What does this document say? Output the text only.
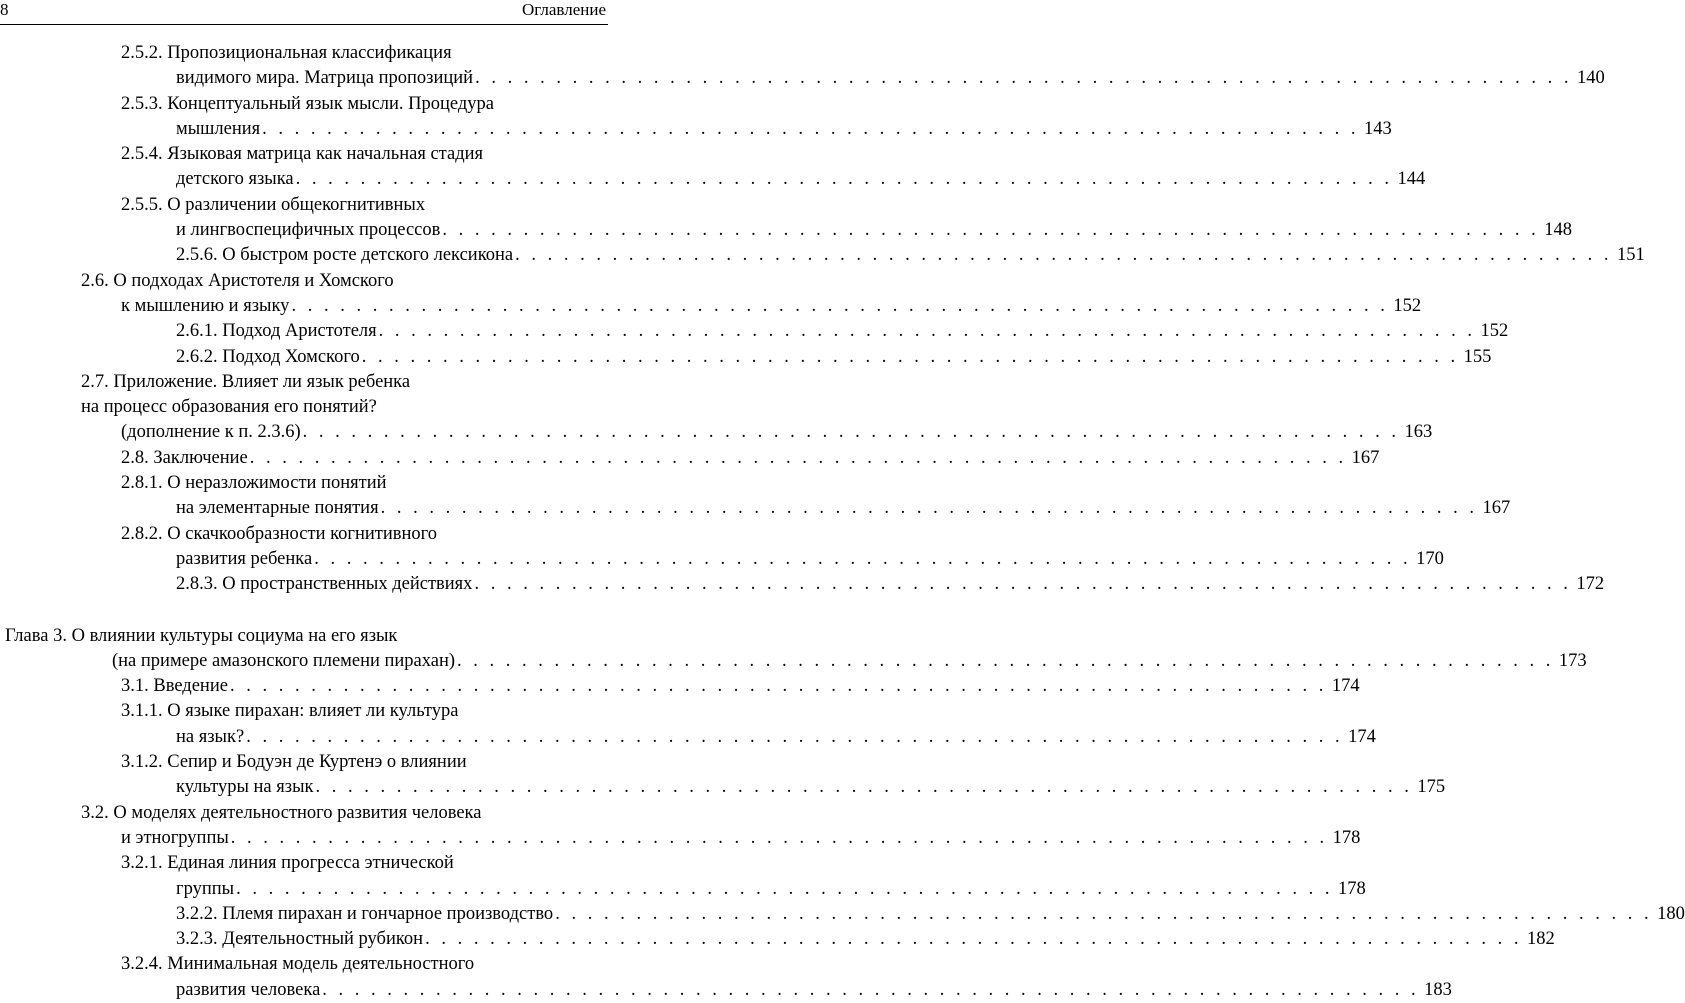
8	Оглавление
2.5.2. Пропозициональная классификация
видимого мира. Матрица пропозиций . . . . . . . . . . . . . . . . . . . . . . . . . . . . . . . . . . . . . . . . . . . . . . . . . . . . . . . . . . . . . . . . . . . . 140
2.5.3. Концептуальный язык мысли. Процедура
мышления . . . . . . . . . . . . . . . . . . . . . . . . . . . . . . . . . . . . . . . . . . . . . . . . . . . . . . . . . . . . . . . . . . . . 143
2.5.4. Языковая матрица как начальная стадия
детского языка . . . . . . . . . . . . . . . . . . . . . . . . . . . . . . . . . . . . . . . . . . . . . . . . . . . . . . . . . . . . . . . . . . . . 144
2.5.5. О различении общекогнитивных
и лингвоспецифичных процессов . . . . . . . . . . . . . . . . . . . . . . . . . . . . . . . . . . . . . . . . . . . . . . . . . . . . . . . . . . . . . . . . . . . . 148
2.5.6. О быстром росте детского лексикона . . . . . . . . . . . . . . . . . . . . . . . . . . . . . . . . . . . . . . . . . . . . . . . . . . . . . . . . . . . . . . . . . . . . 151
2.6. О подходах Аристотеля и Хомского
к мышлению и языку . . . . . . . . . . . . . . . . . . . . . . . . . . . . . . . . . . . . . . . . . . . . . . . . . . . . . . . . . . . . . . . . . . . . 152
2.6.1. Подход Аристотеля . . . . . . . . . . . . . . . . . . . . . . . . . . . . . . . . . . . . . . . . . . . . . . . . . . . . . . . . . . . . . . . . . . . . 152
2.6.2. Подход Хомского . . . . . . . . . . . . . . . . . . . . . . . . . . . . . . . . . . . . . . . . . . . . . . . . . . . . . . . . . . . . . . . . . . . . 155
2.7. Приложение. Влияет ли язык ребенка
на процесс образования его понятий?
(дополнение к п. 2.3.6) . . . . . . . . . . . . . . . . . . . . . . . . . . . . . . . . . . . . . . . . . . . . . . . . . . . . . . . . . . . . . . . . . . . . 163
2.8. Заключение . . . . . . . . . . . . . . . . . . . . . . . . . . . . . . . . . . . . . . . . . . . . . . . . . . . . . . . . . . . . . . . . . . . . 167
2.8.1. О неразложимости понятий
на элементарные понятия . . . . . . . . . . . . . . . . . . . . . . . . . . . . . . . . . . . . . . . . . . . . . . . . . . . . . . . . . . . . . . . . . . . . 167
2.8.2. О скачкообразности когнитивного
развития ребенка . . . . . . . . . . . . . . . . . . . . . . . . . . . . . . . . . . . . . . . . . . . . . . . . . . . . . . . . . . . . . . . . . . . . 170
2.8.3. О пространственных действиях . . . . . . . . . . . . . . . . . . . . . . . . . . . . . . . . . . . . . . . . . . . . . . . . . . . . . . . . . . . . . . . . . . . . 172
Глава 3. О влиянии культуры социума на его язык
(на примере амазонского племени пирахан) . . . . . . . . . . . . . . . . . . . . . . . . . . . . . . . . . . . . . . . . . . . . . . . . . . . . . . . . . . . . . . . . . . . . 173
3.1. Введение . . . . . . . . . . . . . . . . . . . . . . . . . . . . . . . . . . . . . . . . . . . . . . . . . . . . . . . . . . . . . . . . . . . . 174
3.1.1. О языке пирахан: влияет ли культура
на язык? . . . . . . . . . . . . . . . . . . . . . . . . . . . . . . . . . . . . . . . . . . . . . . . . . . . . . . . . . . . . . . . . . . . . 174
3.1.2. Сепир и Бодуэн де Куртенэ о влиянии
культуры на язык . . . . . . . . . . . . . . . . . . . . . . . . . . . . . . . . . . . . . . . . . . . . . . . . . . . . . . . . . . . . . . . . . . . . 175
3.2. О моделях деятельностного развития человека
и этногруппы . . . . . . . . . . . . . . . . . . . . . . . . . . . . . . . . . . . . . . . . . . . . . . . . . . . . . . . . . . . . . . . . . . . . 178
3.2.1. Единая линия прогресса этнической
группы . . . . . . . . . . . . . . . . . . . . . . . . . . . . . . . . . . . . . . . . . . . . . . . . . . . . . . . . . . . . . . . . . . . . 178
3.2.2. Племя пирахан и гончарное производство . . . . . . . . . . . . . . . . . . . . . . . . . . . . . . . . . . . . . . . . . . . . . . . . . . . . . . . . . . . . . . . . . . . . 180
3.2.3. Деятельностный рубикон . . . . . . . . . . . . . . . . . . . . . . . . . . . . . . . . . . . . . . . . . . . . . . . . . . . . . . . . . . . . . . . . . . . . 182
3.2.4. Минимальная модель деятельностного
развития человека . . . . . . . . . . . . . . . . . . . . . . . . . . . . . . . . . . . . . . . . . . . . . . . . . . . . . . . . . . . . . . . . . . . . 183
